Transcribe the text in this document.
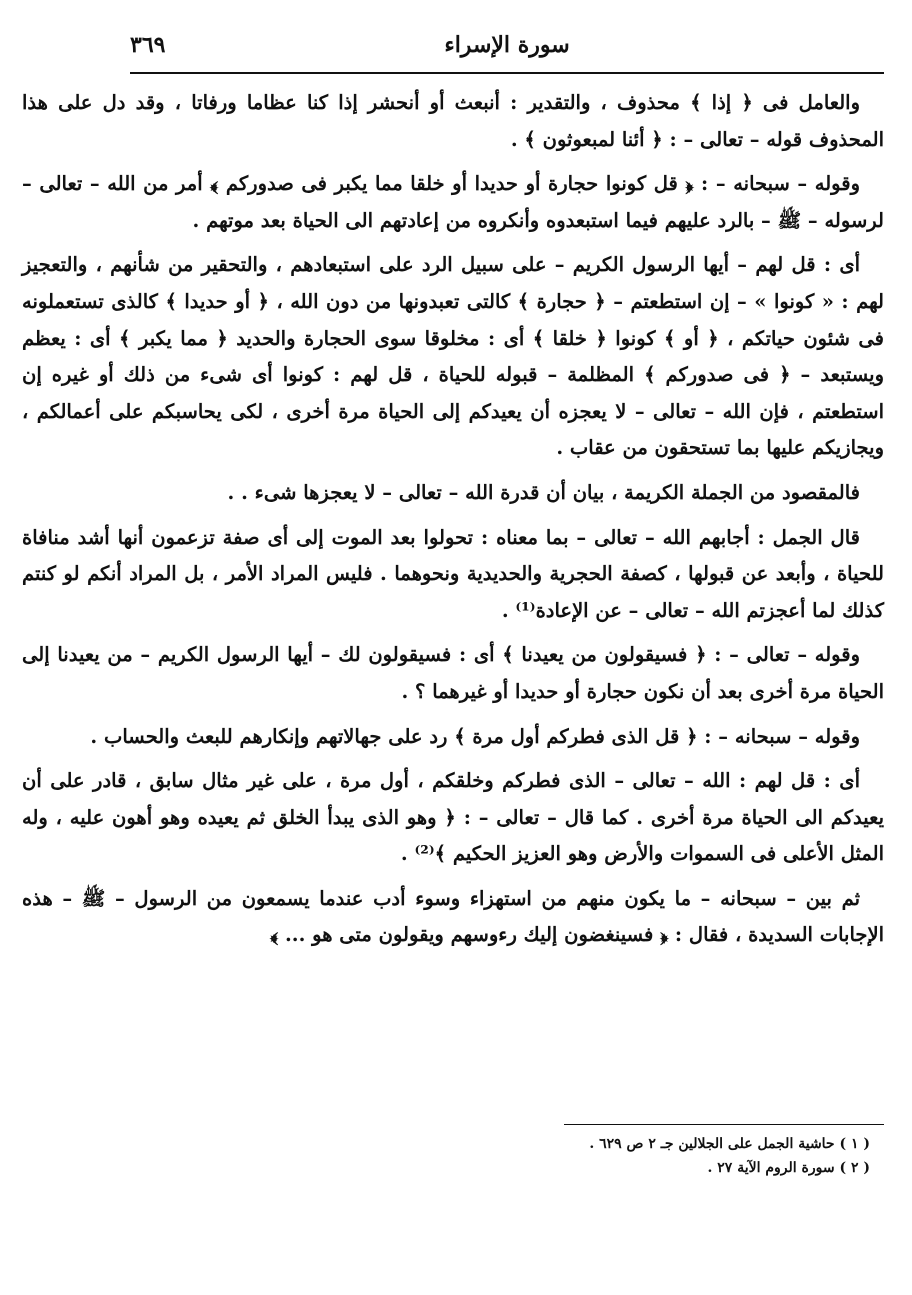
٣٦٩	سورة الإسراء

والعامل فى ﴿ إذا ﴾ محذوف ، والتقدير : أنبعث أو أنحشر إذا كنا عظاما ورفاتا ، وقد دل على هذا المحذوف قوله – تعالى – : ﴿ أئنا لمبعوثون ﴾ .

وقوله – سبحانه – : ﴿ قل كونوا حجارة أو حديدا أو خلقا مما يكبر فى صدوركم ﴾ أمر من الله – تعالى – لرسوله – ﷺ – بالرد عليهم فيما استبعدوه وأنكروه من إعادتهم الى الحياة بعد موتهم .

أى : قل لهم – أيها الرسول الكريم – على سبيل الرد على استبعادهم ، والتحقير من شأنهم ، والتعجيز لهم : « كونوا » – إن استطعتم – ﴿ حجارة ﴾ كالتى تعبدونها من دون الله ، ﴿ أو حديدا ﴾ كالذى تستعملونه فى شئون حياتكم ، ﴿ أو ﴾ كونوا ﴿ خلقا ﴾ أى : مخلوقا سوى الحجارة والحديد ﴿ مما يكبر ﴾ أى : يعظم ويستبعد – ﴿ فى صدوركم ﴾ المظلمة – قبوله للحياة ، قل لهم : كونوا أى شىء من ذلك أو غيره إن استطعتم ، فإن الله – تعالى – لا يعجزه أن يعيدكم إلى الحياة مرة أخرى ، لكى يحاسبكم على أعمالكم ، ويجازيكم عليها بما تستحقون من عقاب .

فالمقصود من الجملة الكريمة ، بيان أن قدرة الله – تعالى – لا يعجزها شىء . .

قال الجمل : أجابهم الله – تعالى – بما معناه : تحولوا بعد الموت إلى أى صفة تزعمون أنها أشد منافاة للحياة ، وأبعد عن قبولها ، كصفة الحجرية والحديدية ونحوهما . فليس المراد الأمر ، بل المراد أنكم لو كنتم كذلك لما أعجزتم الله – تعالى – عن الإعادة⁽¹⁾ .

وقوله – تعالى – : ﴿ فسيقولون من يعيدنا ﴾ أى : فسيقولون لك – أيها الرسول الكريم – من يعيدنا إلى الحياة مرة أخرى بعد أن نكون حجارة أو حديدا أو غيرهما ؟ .

وقوله – سبحانه – : ﴿ قل الذى فطركم أول مرة ﴾ رد على جهالاتهم وإنكارهم للبعث والحساب .

أى : قل لهم : الله – تعالى – الذى فطركم وخلقكم ، أول مرة ، على غير مثال سابق ، قادر على أن يعيدكم الى الحياة مرة أخرى . كما قال – تعالى – : ﴿ وهو الذى يبدأ الخلق ثم يعيده وهو أهون عليه ، وله المثل الأعلى فى السموات والأرض وهو العزيز الحكيم ﴾⁽²⁾ .

ثم بين – سبحانه – ما يكون منهم من استهزاء وسوء أدب عندما يسمعون من الرسول – ﷺ – هذه الإجابات السديدة ، فقال : ﴿ فسينغضون إليك رءوسهم ويقولون متى هو ... ﴾

( ١ ) حاشية الجمل على الجلالين جـ ٢ ص ٦٢٩ .
( ٢ ) سورة الروم الآية ٢٧ .
